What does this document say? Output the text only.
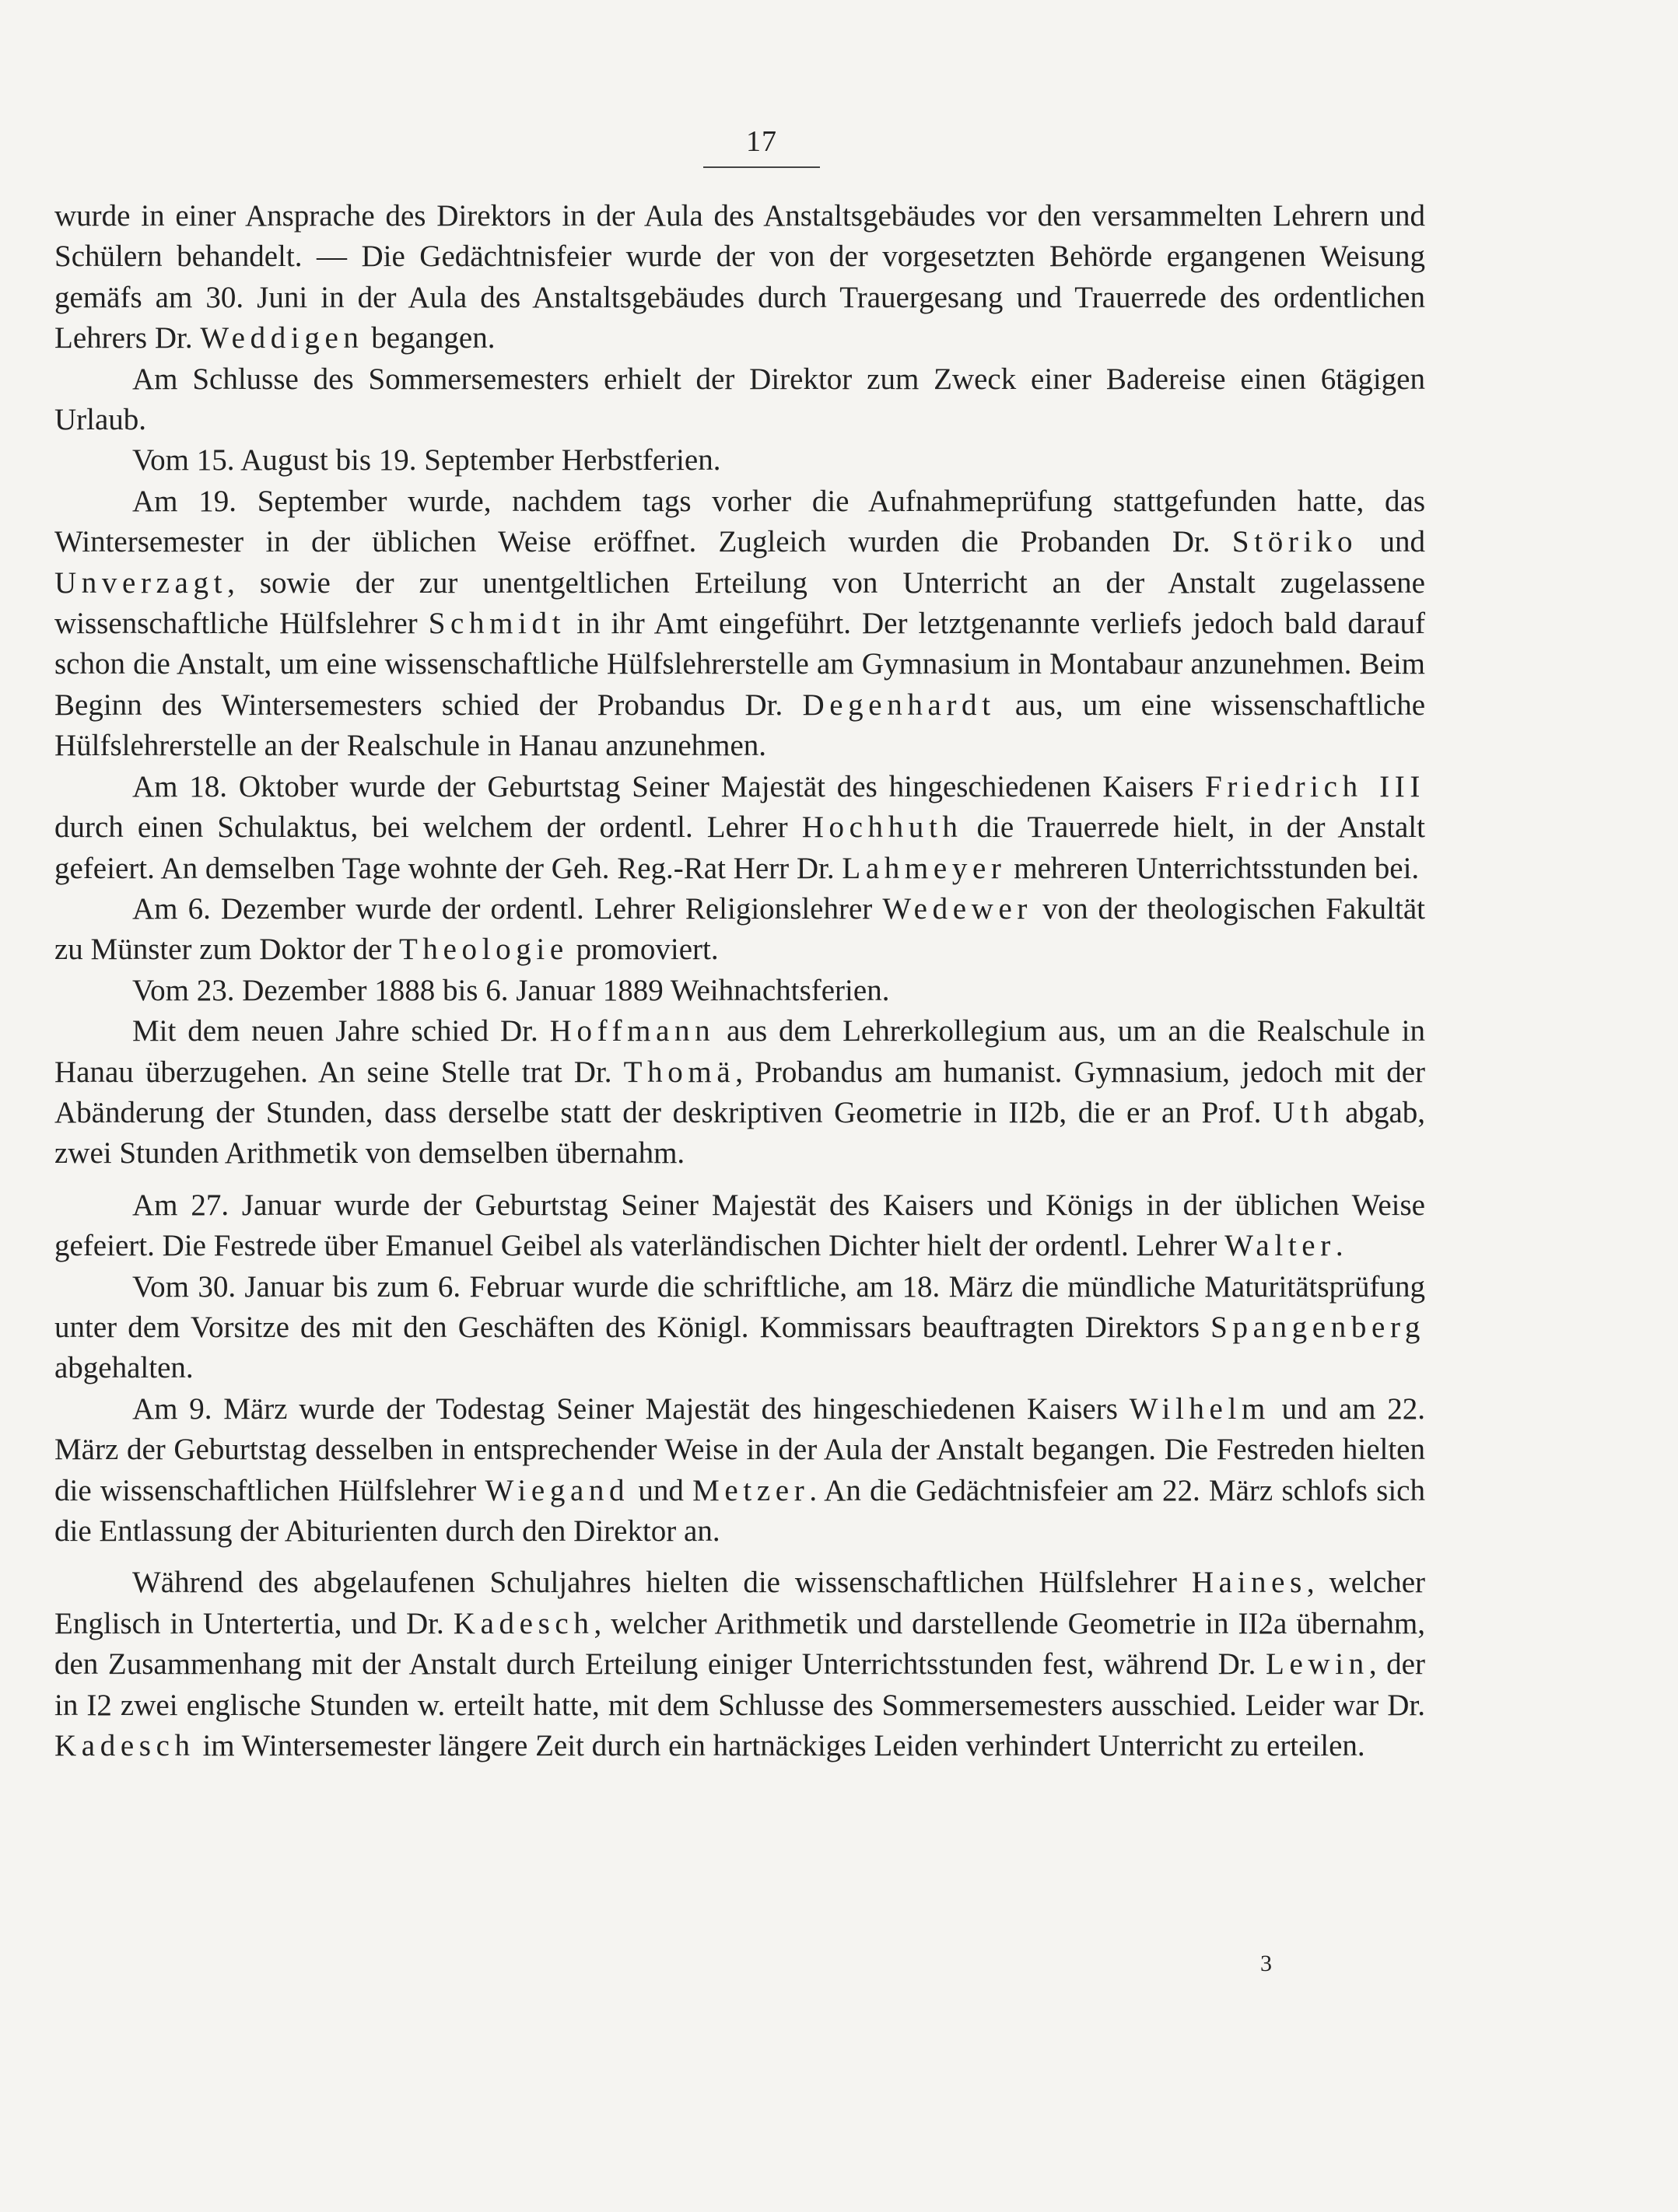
17

wurde in einer Ansprache des Direktors in der Aula des Anstaltsgebäudes vor den versammelten Lehrern und Schülern behandelt. — Die Gedächtnisfeier wurde der von der vorgesetzten Behörde ergangenen Weisung gemäfs am 30. Juni in der Aula des Anstaltsgebäudes durch Trauergesang und Trauerrede des ordentlichen Lehrers Dr. Weddigen begangen.

Am Schlusse des Sommersemesters erhielt der Direktor zum Zweck einer Badereise einen 6tägigen Urlaub.

Vom 15. August bis 19. September Herbstferien.

Am 19. September wurde, nachdem tags vorher die Aufnahmeprüfung stattgefunden hatte, das Wintersemester in der üblichen Weise eröffnet. Zugleich wurden die Probanden Dr. Störiko und Unverzagt, sowie der zur unentgeltlichen Erteilung von Unterricht an der Anstalt zugelassene wissenschaftliche Hülfslehrer Schmidt in ihr Amt eingeführt. Der letztgenannte verliefs jedoch bald darauf schon die Anstalt, um eine wissenschaftliche Hülfslehrerstelle am Gymnasium in Montabaur anzunehmen. Beim Beginn des Wintersemesters schied der Probandus Dr. Degenhardt aus, um eine wissenschaftliche Hülfslehrerstelle an der Realschule in Hanau anzunehmen.

Am 18. Oktober wurde der Geburtstag Seiner Majestät des hingeschiedenen Kaisers Friedrich III durch einen Schulaktus, bei welchem der ordentl. Lehrer Hochhuth die Trauerrede hielt, in der Anstalt gefeiert. An demselben Tage wohnte der Geh. Reg.-Rat Herr Dr. Lahmeyer mehreren Unterrichtsstunden bei.

Am 6. Dezember wurde der ordentl. Lehrer Religionslehrer Wedewer von der theologischen Fakultät zu Münster zum Doktor der Theologie promoviert.

Vom 23. Dezember 1888 bis 6. Januar 1889 Weihnachtsferien.

Mit dem neuen Jahre schied Dr. Hoffmann aus dem Lehrerkollegium aus, um an die Realschule in Hanau überzugehen. An seine Stelle trat Dr. Thomä, Probandus am humanist. Gymnasium, jedoch mit der Abänderung der Stunden, dass derselbe statt der deskriptiven Geometrie in II2b, die er an Prof. Uth abgab, zwei Stunden Arithmetik von demselben übernahm.

Am 27. Januar wurde der Geburtstag Seiner Majestät des Kaisers und Königs in der üblichen Weise gefeiert. Die Festrede über Emanuel Geibel als vaterländischen Dichter hielt der ordentl. Lehrer Walter.

Vom 30. Januar bis zum 6. Februar wurde die schriftliche, am 18. März die mündliche Maturitätsprüfung unter dem Vorsitze des mit den Geschäften des Königl. Kommissars beauftragten Direktors Spangenberg abgehalten.

Am 9. März wurde der Todestag Seiner Majestät des hingeschiedenen Kaisers Wilhelm und am 22. März der Geburtstag desselben in entsprechender Weise in der Aula der Anstalt begangen. Die Festreden hielten die wissenschaftlichen Hülfslehrer Wiegand und Metzer. An die Gedächtnisfeier am 22. März schlofs sich die Entlassung der Abiturienten durch den Direktor an.

Während des abgelaufenen Schuljahres hielten die wissenschaftlichen Hülfslehrer Haines, welcher Englisch in Untertertia, und Dr. Kadesch, welcher Arithmetik und darstellende Geometrie in II2a übernahm, den Zusammenhang mit der Anstalt durch Erteilung einiger Unterrichtsstunden fest, während Dr. Lewin, der in I2 zwei englische Stunden w. erteilt hatte, mit dem Schlusse des Sommersemesters ausschied. Leider war Dr. Kadesch im Wintersemester längere Zeit durch ein hartnäckiges Leiden verhindert Unterricht zu erteilen.

3
